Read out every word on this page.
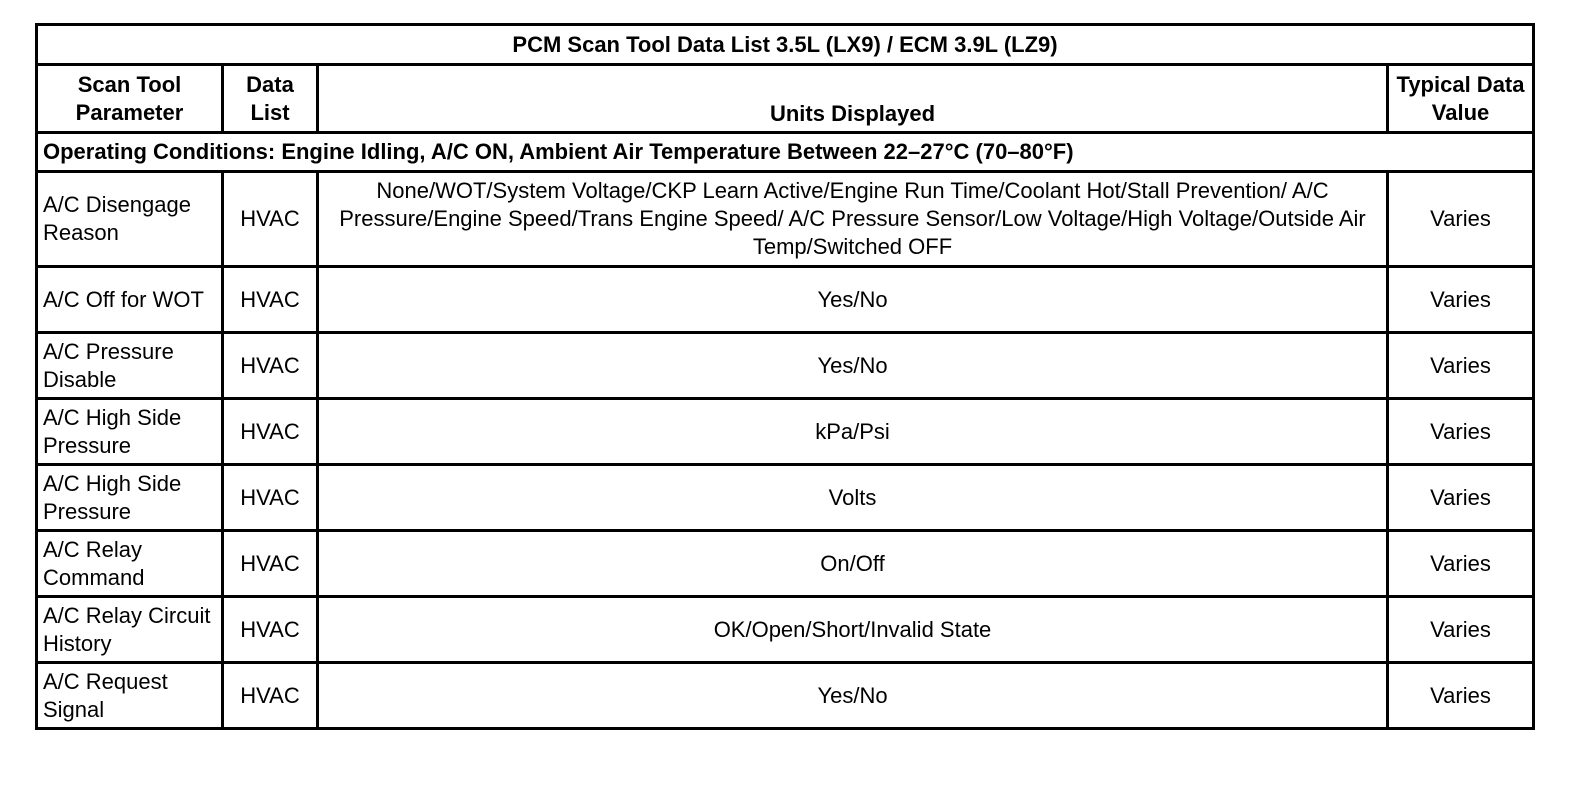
PCM Scan Tool Data List 3.5L (LX9) / ECM 3.9L (LZ9)			
Scan Tool Parameter	Data List	Units Displayed	Typical Data Value
Operating Conditions: Engine Idling, A/C ON, Ambient Air Temperature Between 22–27°C (70–80°F)			
A/C Disengage Reason	HVAC	None/WOT/System Voltage/CKP Learn Active/Engine Run Time/Coolant Hot/Stall Prevention/ A/C Pressure/Engine Speed/Trans Engine Speed/ A/C Pressure Sensor/Low Voltage/High Voltage/Outside Air Temp/Switched OFF	Varies
A/C Off for WOT	HVAC	Yes/No	Varies
A/C Pressure Disable	HVAC	Yes/No	Varies
A/C High Side Pressure	HVAC	kPa/Psi	Varies
A/C High Side Pressure	HVAC	Volts	Varies
A/C Relay Command	HVAC	On/Off	Varies
A/C Relay Circuit History	HVAC	OK/Open/Short/Invalid State	Varies
A/C Request Signal	HVAC	Yes/No	Varies
